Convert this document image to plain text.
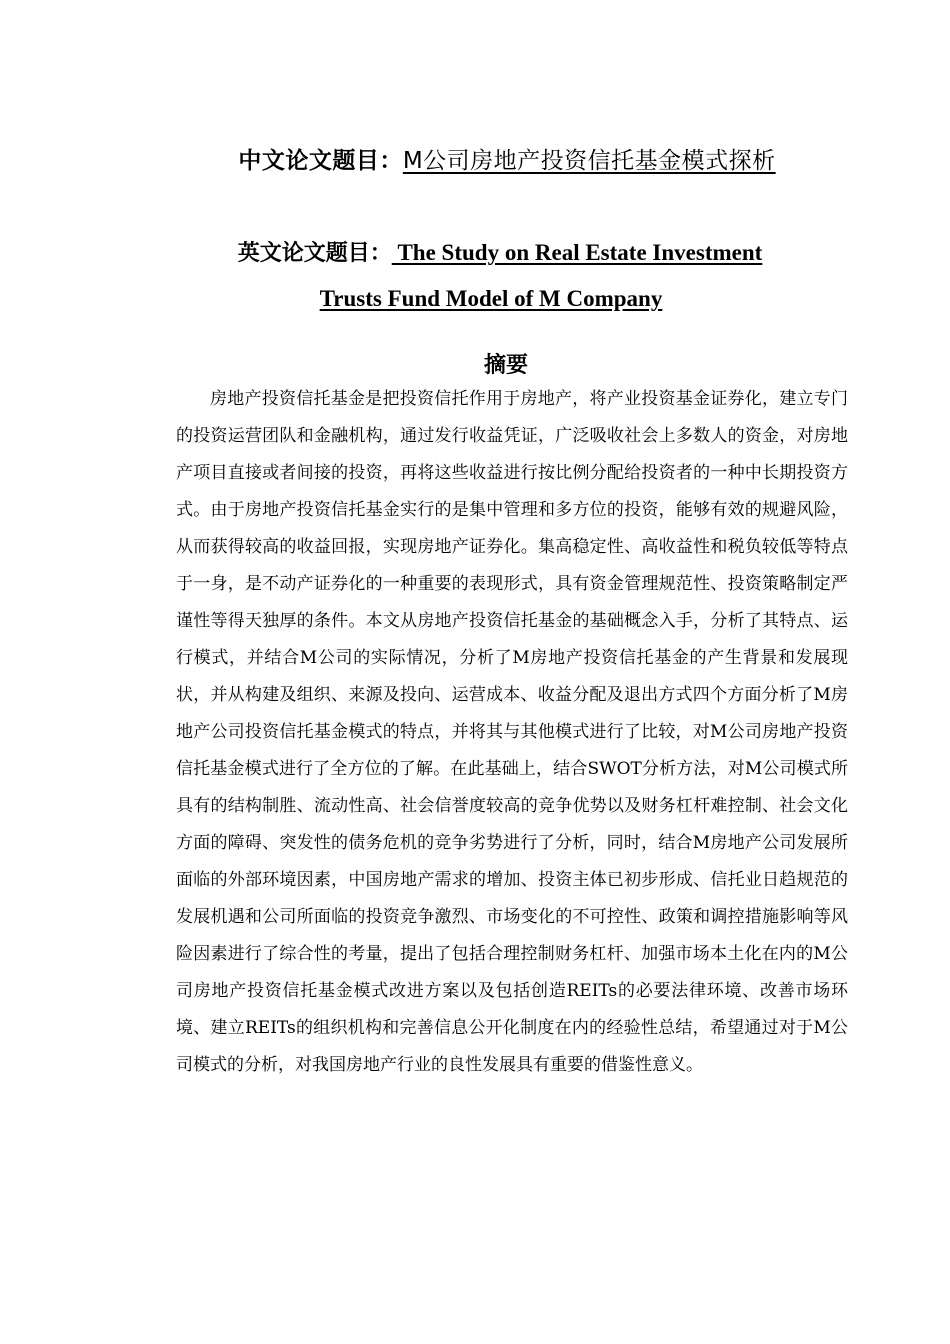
中文论文题目：M公司房地产投资信托基金模式探析
英文论文题目： The Study on Real Estate Investment
Trusts Fund Model of M Company
摘要

房地产投资信托基金是把投资信托作用于房地产，将产业投资基金证券化，建立专门的投资运营团队和金融机构，通过发行收益凭证，广泛吸收社会上多数人的资金，对房地产项目直接或者间接的投资，再将这些收益进行按比例分配给投资者的一种中长期投资方式。由于房地产投资信托基金实行的是集中管理和多方位的投资，能够有效的规避风险，从而获得较高的收益回报，实现房地产证券化。集高稳定性、高收益性和税负较低等特点于一身，是不动产证券化的一种重要的表现形式，具有资金管理规范性、投资策略制定严谨性等得天独厚的条件。本文从房地产投资信托基金的基础概念入手，分析了其特点、运行模式，并结合M公司的实际情况，分析了M房地产投资信托基金的产生背景和发展现状，并从构建及组织、来源及投向、运营成本、收益分配及退出方式四个方面分析了M房地产公司投资信托基金模式的特点，并将其与其他模式进行了比较，对M公司房地产投资信托基金模式进行了全方位的了解。在此基础上，结合SWOT分析方法，对M公司模式所具有的结构制胜、流动性高、社会信誉度较高的竞争优势以及财务杠杆难控制、社会文化方面的障碍、突发性的债务危机的竞争劣势进行了分析，同时，结合M房地产公司发展所面临的外部环境因素，中国房地产需求的增加、投资主体已初步形成、信托业日趋规范的发展机遇和公司所面临的投资竞争激烈、市场变化的不可控性、政策和调控措施影响等风险因素进行了综合性的考量，提出了包括合理控制财务杠杆、加强市场本土化在内的M公司房地产投资信托基金模式改进方案以及包括创造REITs的必要法律环境、改善市场环境、建立REITs的组织机构和完善信息公开化制度在内的经验性总结，希望通过对于M公司模式的分析，对我国房地产行业的良性发展具有重要的借鉴性意义。
